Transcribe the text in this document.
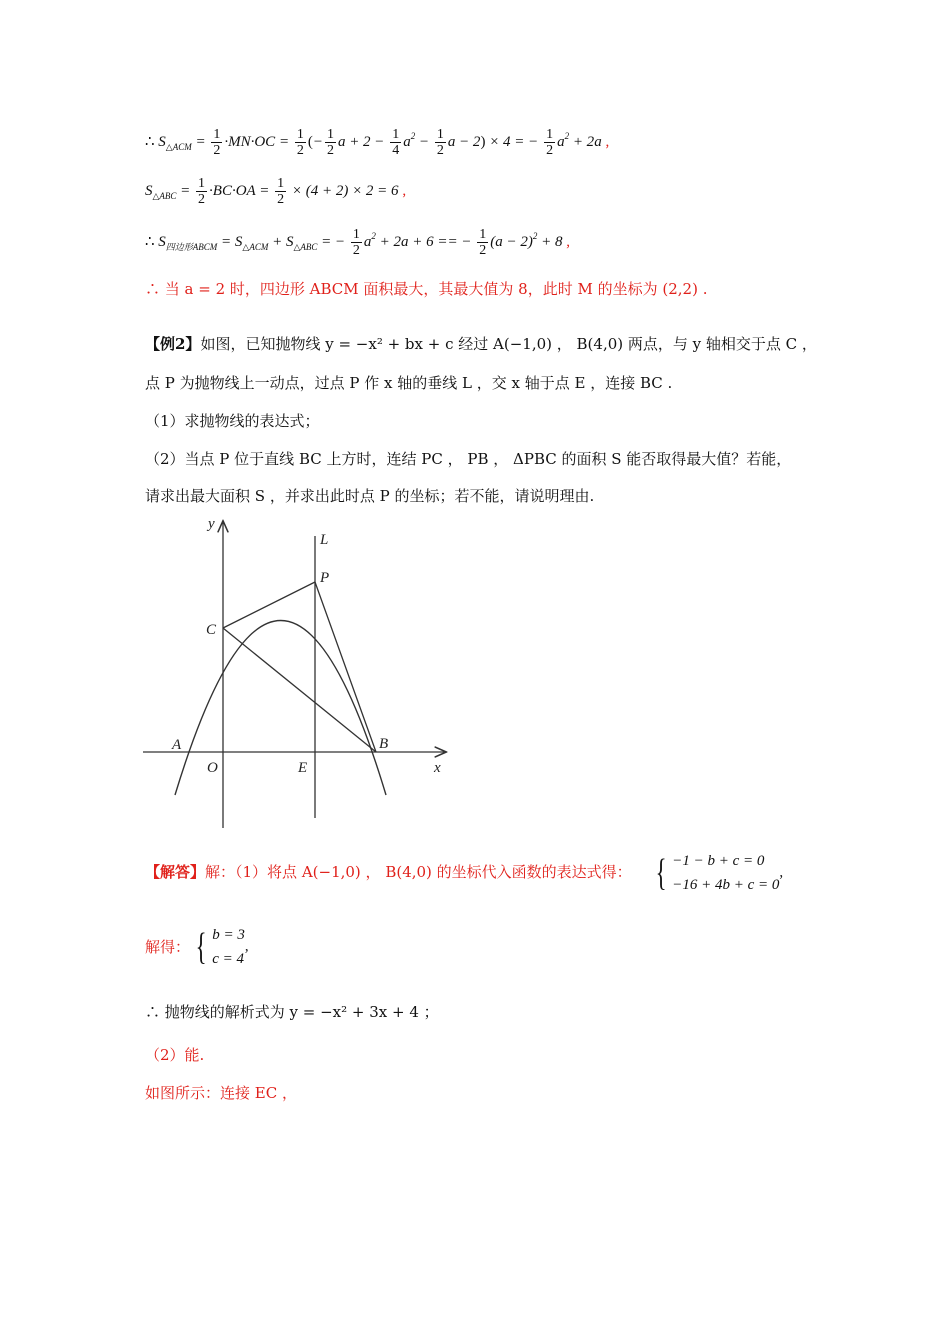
∴ $S_{\triangle ACM} = \frac{1}{2} \cdot MN\cdot OC = \frac{1}{2}$ (− $\frac{1}{2}$ $a + 2 - \frac{1}{4} a^2 - \frac{1}{2}$ a − 2) × 4 = − $\frac{1}{2} a^2 + 2a$ ,
$S_{\triangle ABC} = \frac{1}{2} \cdot BC\cdot OA = \frac{1}{2} \times (4 + 2) \times 2 = 6$ ,
∴ $S_{四边形ABCM} = S_{\triangle ACM} + S_{\triangle ABC}$ = − $\frac{1}{2} a^2 + 2a + 6$ == − $\frac{1}{2} (a - 2)^2 + 8$ ,
∴ 当 a = 2 时，四边形 ABCM 面积最大，其最大值为 8，此时 M 的坐标为 (2,2) .
【例2】如图，已知抛物线 y = −x² + bx + c 经过 A(−1,0) ， B(4,0) 两点，与 y 轴相交于点 C ，
点 P 为抛物线上一动点，过点 P 作 x 轴的垂线 L ，交 x 轴于点 E ，连接 BC .
（1）求抛物线的表达式；
（2）当点 P 位于直线 BC 上方时，连结 PC ， PB ， ΔPBC 的面积 S 能否取得最大值？若能，
请求出最大面积 S ，并求出此时点 P 的坐标；若不能，请说明理由.
y
L
P
C
A	B
O	E	x
【解答】解：（1）将点 A(−1,0) ， B(4,0) 的坐标代入函数的表达式得： { −1 − b + c = 0
−16 + 4b + c = 0
,
解得： { b = 3
c = 4
,
∴ 抛物线的解析式为 y = −x² + 3x + 4 ；
（2）能.
如图所示：连接 EC ，
